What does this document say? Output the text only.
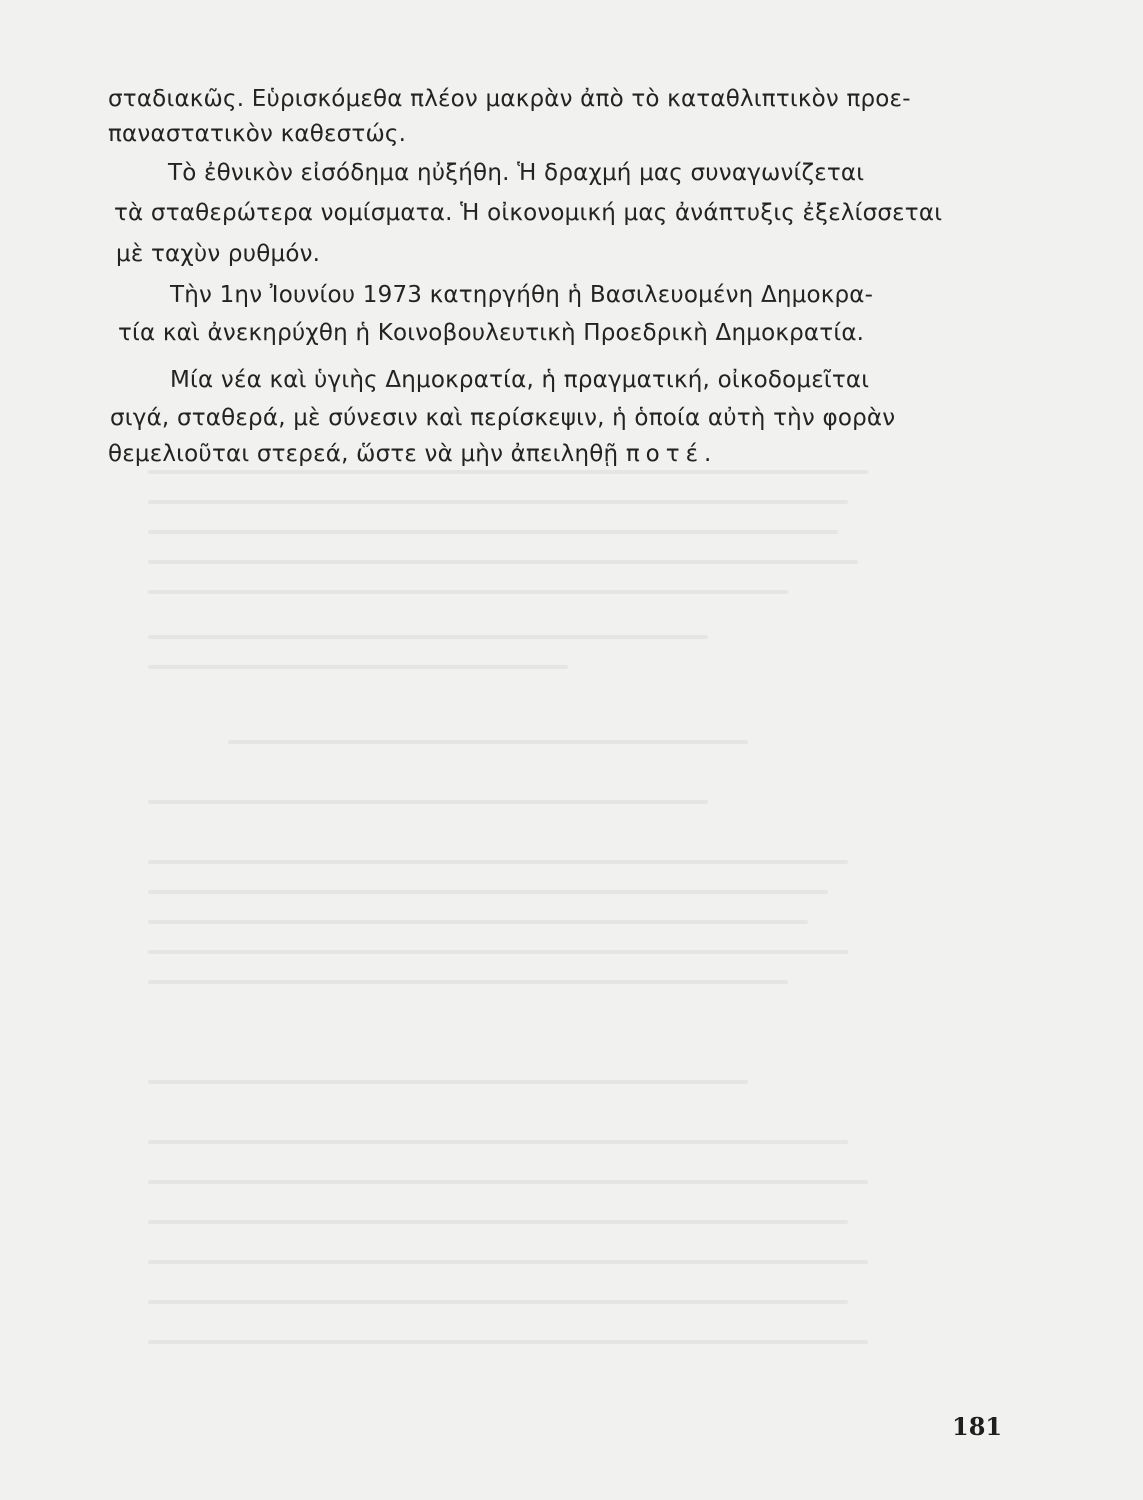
σταδιακῶς. Εὑρισκόμεθα πλέον μακρὰν ἀπὸ τὸ καταθλιπτικὸν προε-
παναστατικὸν καθεστώς.
Τὸ ἐθνικὸν εἰσόδημα ηὐξήθη. Ἡ δραχμή μας συναγωνίζεται
τὰ σταθερώτερα νομίσματα. Ἡ οἰκονομική μας ἀνάπτυξις ἐξελίσσεται
μὲ ταχὺν ρυθμόν.
Τὴν 1ην Ἰουνίου 1973 κατηργήθη ἡ Βασιλευομένη Δημοκρα-
τία καὶ ἀνεκηρύχθη ἡ Κοινοβουλευτικὴ Προεδρικὴ Δημοκρατία.
Μία νέα καὶ ὑγιὴς Δημοκρατία, ἡ πραγματική, οἰκοδομεῖται
σιγά, σταθερά, μὲ σύνεσιν καὶ περίσκεψιν, ἡ ὁποία αὐτὴ τὴν φορὰν
θεμελιοῦται στερεά, ὥστε νὰ μὴν ἀπειληθῇ ποτέ.
181
